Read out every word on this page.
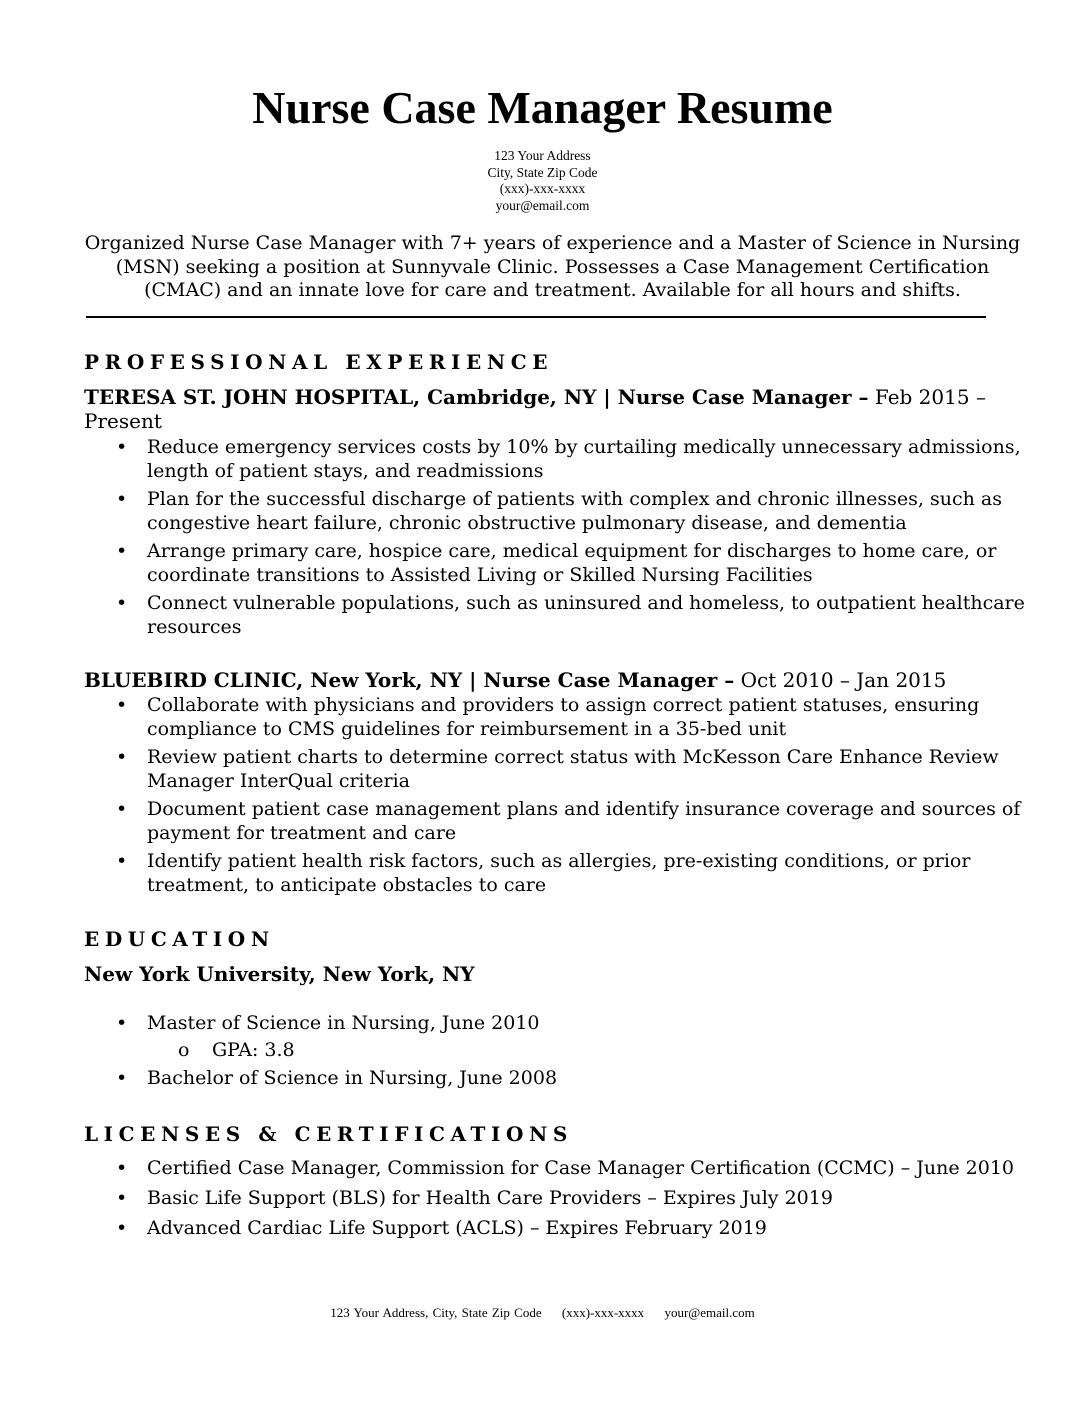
Nurse Case Manager Resume
123 Your Address
City, State Zip Code
(xxx)-xxx-xxxx
your@email.com
Organized Nurse Case Manager with 7+ years of experience and a Master of Science in Nursing (MSN) seeking a position at Sunnyvale Clinic. Possesses a Case Management Certification (CMAC) and an innate love for care and treatment. Available for all hours and shifts.
PROFESSIONAL EXPERIENCE
TERESA ST. JOHN HOSPITAL, Cambridge, NY | Nurse Case Manager – Feb 2015 – Present
• Reduce emergency services costs by 10% by curtailing medically unnecessary admissions, length of patient stays, and readmissions
• Plan for the successful discharge of patients with complex and chronic illnesses, such as congestive heart failure, chronic obstructive pulmonary disease, and dementia
• Arrange primary care, hospice care, medical equipment for discharges to home care, or coordinate transitions to Assisted Living or Skilled Nursing Facilities
• Connect vulnerable populations, such as uninsured and homeless, to outpatient healthcare resources
BLUEBIRD CLINIC, New York, NY | Nurse Case Manager – Oct 2010 – Jan 2015
• Collaborate with physicians and providers to assign correct patient statuses, ensuring compliance to CMS guidelines for reimbursement in a 35-bed unit
• Review patient charts to determine correct status with McKesson Care Enhance Review Manager InterQual criteria
• Document patient case management plans and identify insurance coverage and sources of payment for treatment and care
• Identify patient health risk factors, such as allergies, pre-existing conditions, or prior treatment, to anticipate obstacles to care
EDUCATION
New York University, New York, NY
• Master of Science in Nursing, June 2010
o GPA: 3.8
• Bachelor of Science in Nursing, June 2008
LICENSES & CERTIFICATIONS
• Certified Case Manager, Commission for Case Manager Certification (CCMC) – June 2010
• Basic Life Support (BLS) for Health Care Providers – Expires July 2019
• Advanced Cardiac Life Support (ACLS) – Expires February 2019
123 Your Address, City, State Zip Code (xxx)-xxx-xxxx your@email.com
